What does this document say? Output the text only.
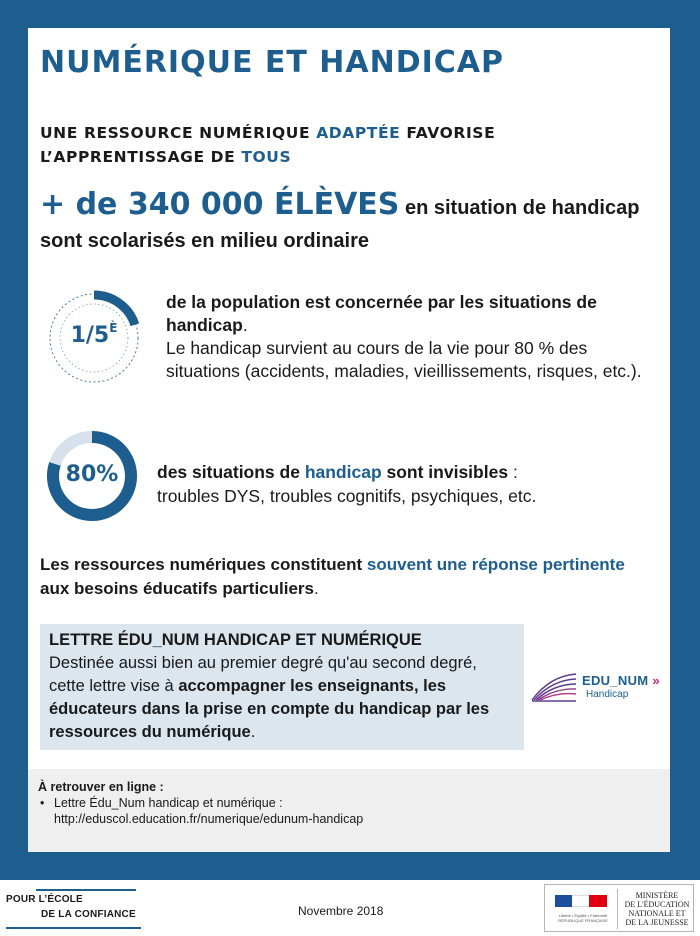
NUMÉRIQUE ET HANDICAP
FICHE
MÉMO
UNE RESSOURCE NUMÉRIQUE ADAPTÉE FAVORISE L’APPRENTISSAGE DE TOUS
+ de 340 000 ÉLÈVES en situation de handicap
sont scolarisés en milieu ordinaire
$1/5^È$
de la population est concernée par les situations de handicap.
Le handicap survient au cours de la vie pour 80 % des situations (accidents, maladies, vieillissements, risques, etc.).
80%	des situations de handicap sont invisibles :
troubles DYS, troubles cognitifs, psychiques, etc.
Les ressources numériques constituent souvent une réponse pertinente aux besoins éducatifs particuliers.
LETTRE ÉDU_NUM HANDICAP ET NUMÉRIQUE
Destinée aussi bien au premier degré qu'au second degré, cette lettre vise à accompagner les enseignants, les éducateurs dans la prise en compte du handicap par les ressources du numérique.
EDU_NUM »
Handicap
À retrouver en ligne :
• Lettre Édu_Num handicap et numérique :
http://eduscol.education.fr/numerique/edunum-handicap
POUR L’ÉCOLE
DE LA CONFIANCE	Novembre 2018	Liberté • Égalité • Fraternité RÉPUBLIQUE FRANÇAISE
MINISTÈRE
DE L'ÉDUCATION
NATIONALE ET
DE LA JEUNESSE
